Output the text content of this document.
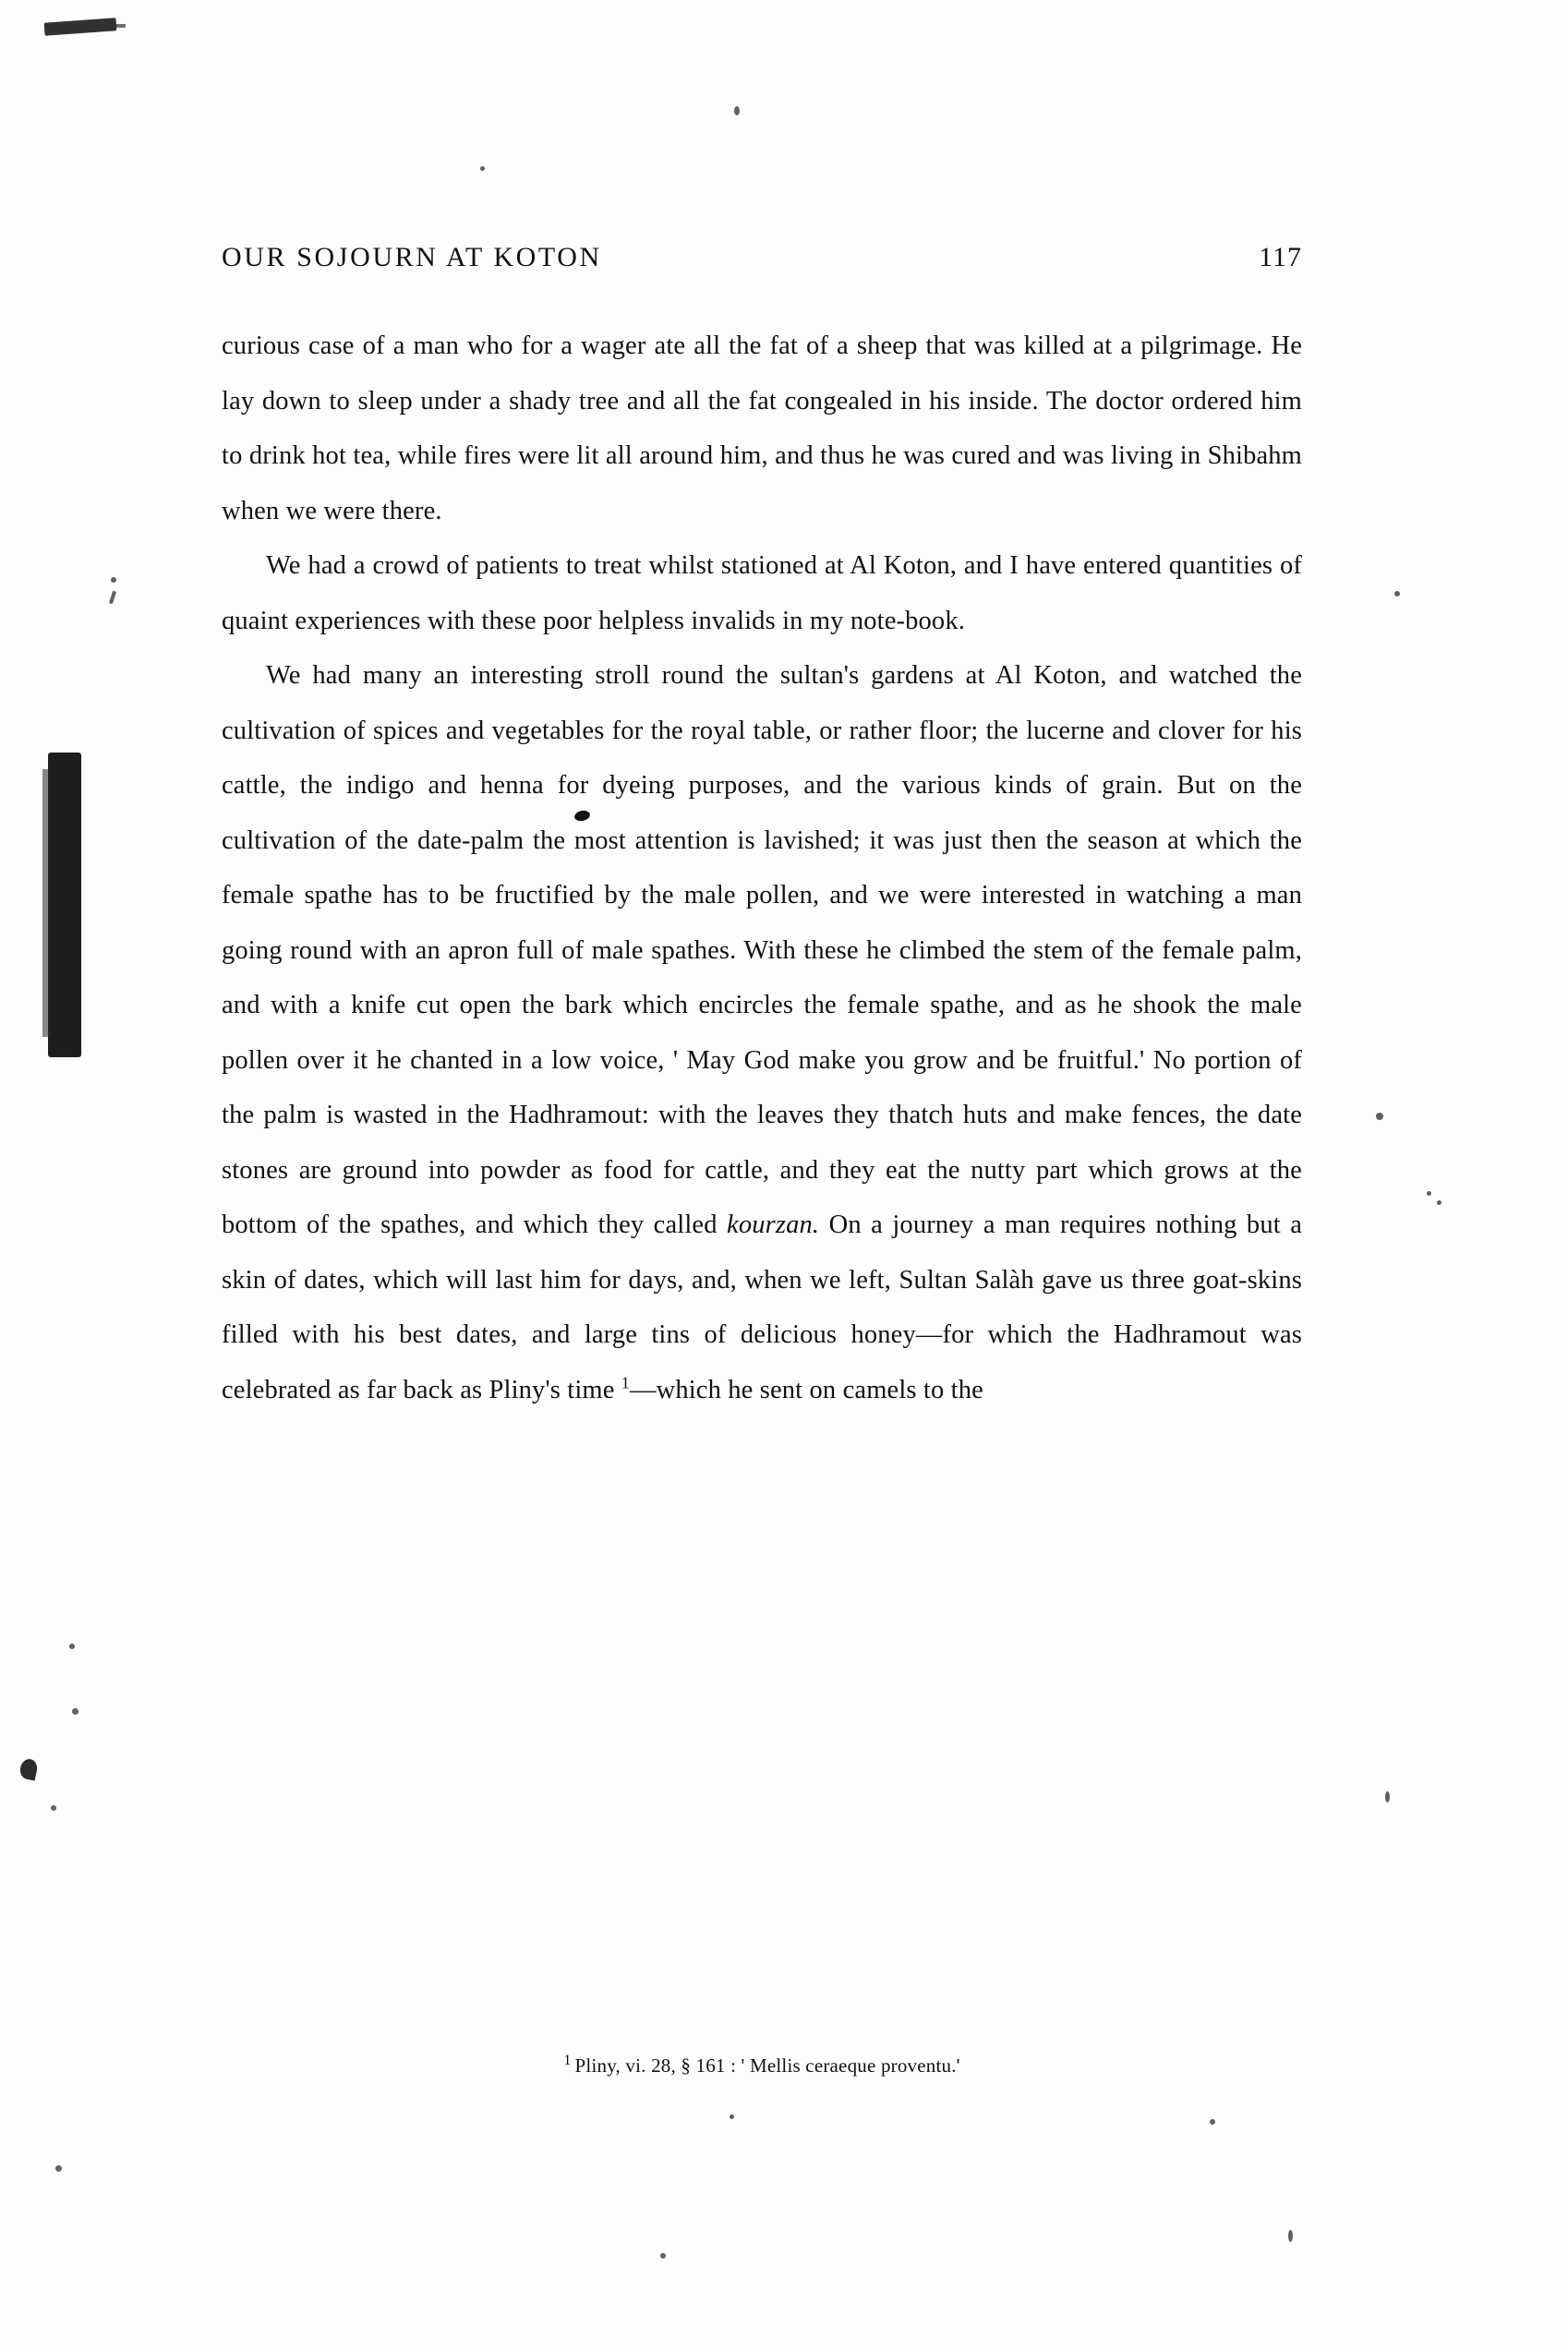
OUR SOJOURN AT KOTON	117

curious case of a man who for a wager ate all the fat of a sheep that was killed at a pilgrimage. He lay down to sleep under a shady tree and all the fat congealed in his inside. The doctor ordered him to drink hot tea, while fires were lit all around him, and thus he was cured and was living in Shibahm when we were there.

We had a crowd of patients to treat whilst stationed at Al Koton, and I have entered quantities of quaint experiences with these poor helpless invalids in my note-book.

We had many an interesting stroll round the sultan's gardens at Al Koton, and watched the cultivation of spices and vegetables for the royal table, or rather floor; the lucerne and clover for his cattle, the indigo and henna for dyeing purposes, and the various kinds of grain. But on the cultivation of the date-palm the most attention is lavished; it was just then the season at which the female spathe has to be fructified by the male pollen, and we were interested in watching a man going round with an apron full of male spathes. With these he climbed the stem of the female palm, and with a knife cut open the bark which encircles the female spathe, and as he shook the male pollen over it he chanted in a low voice, ' May God make you grow and be fruitful.' No portion of the palm is wasted in the Hadhramout: with the leaves they thatch huts and make fences, the date stones are ground into powder as food for cattle, and they eat the nutty part which grows at the bottom of the spathes, and which they called kourzan. On a journey a man requires nothing but a skin of dates, which will last him for days, and, when we left, Sultan Salàh gave us three goat-skins filled with his best dates, and large tins of delicious honey—for which the Hadhramout was celebrated as far back as Pliny's time $^1$—which he sent on camels to the

$^1$ Pliny, vi. 28, § 161 : ' Mellis ceraeque proventu.'
